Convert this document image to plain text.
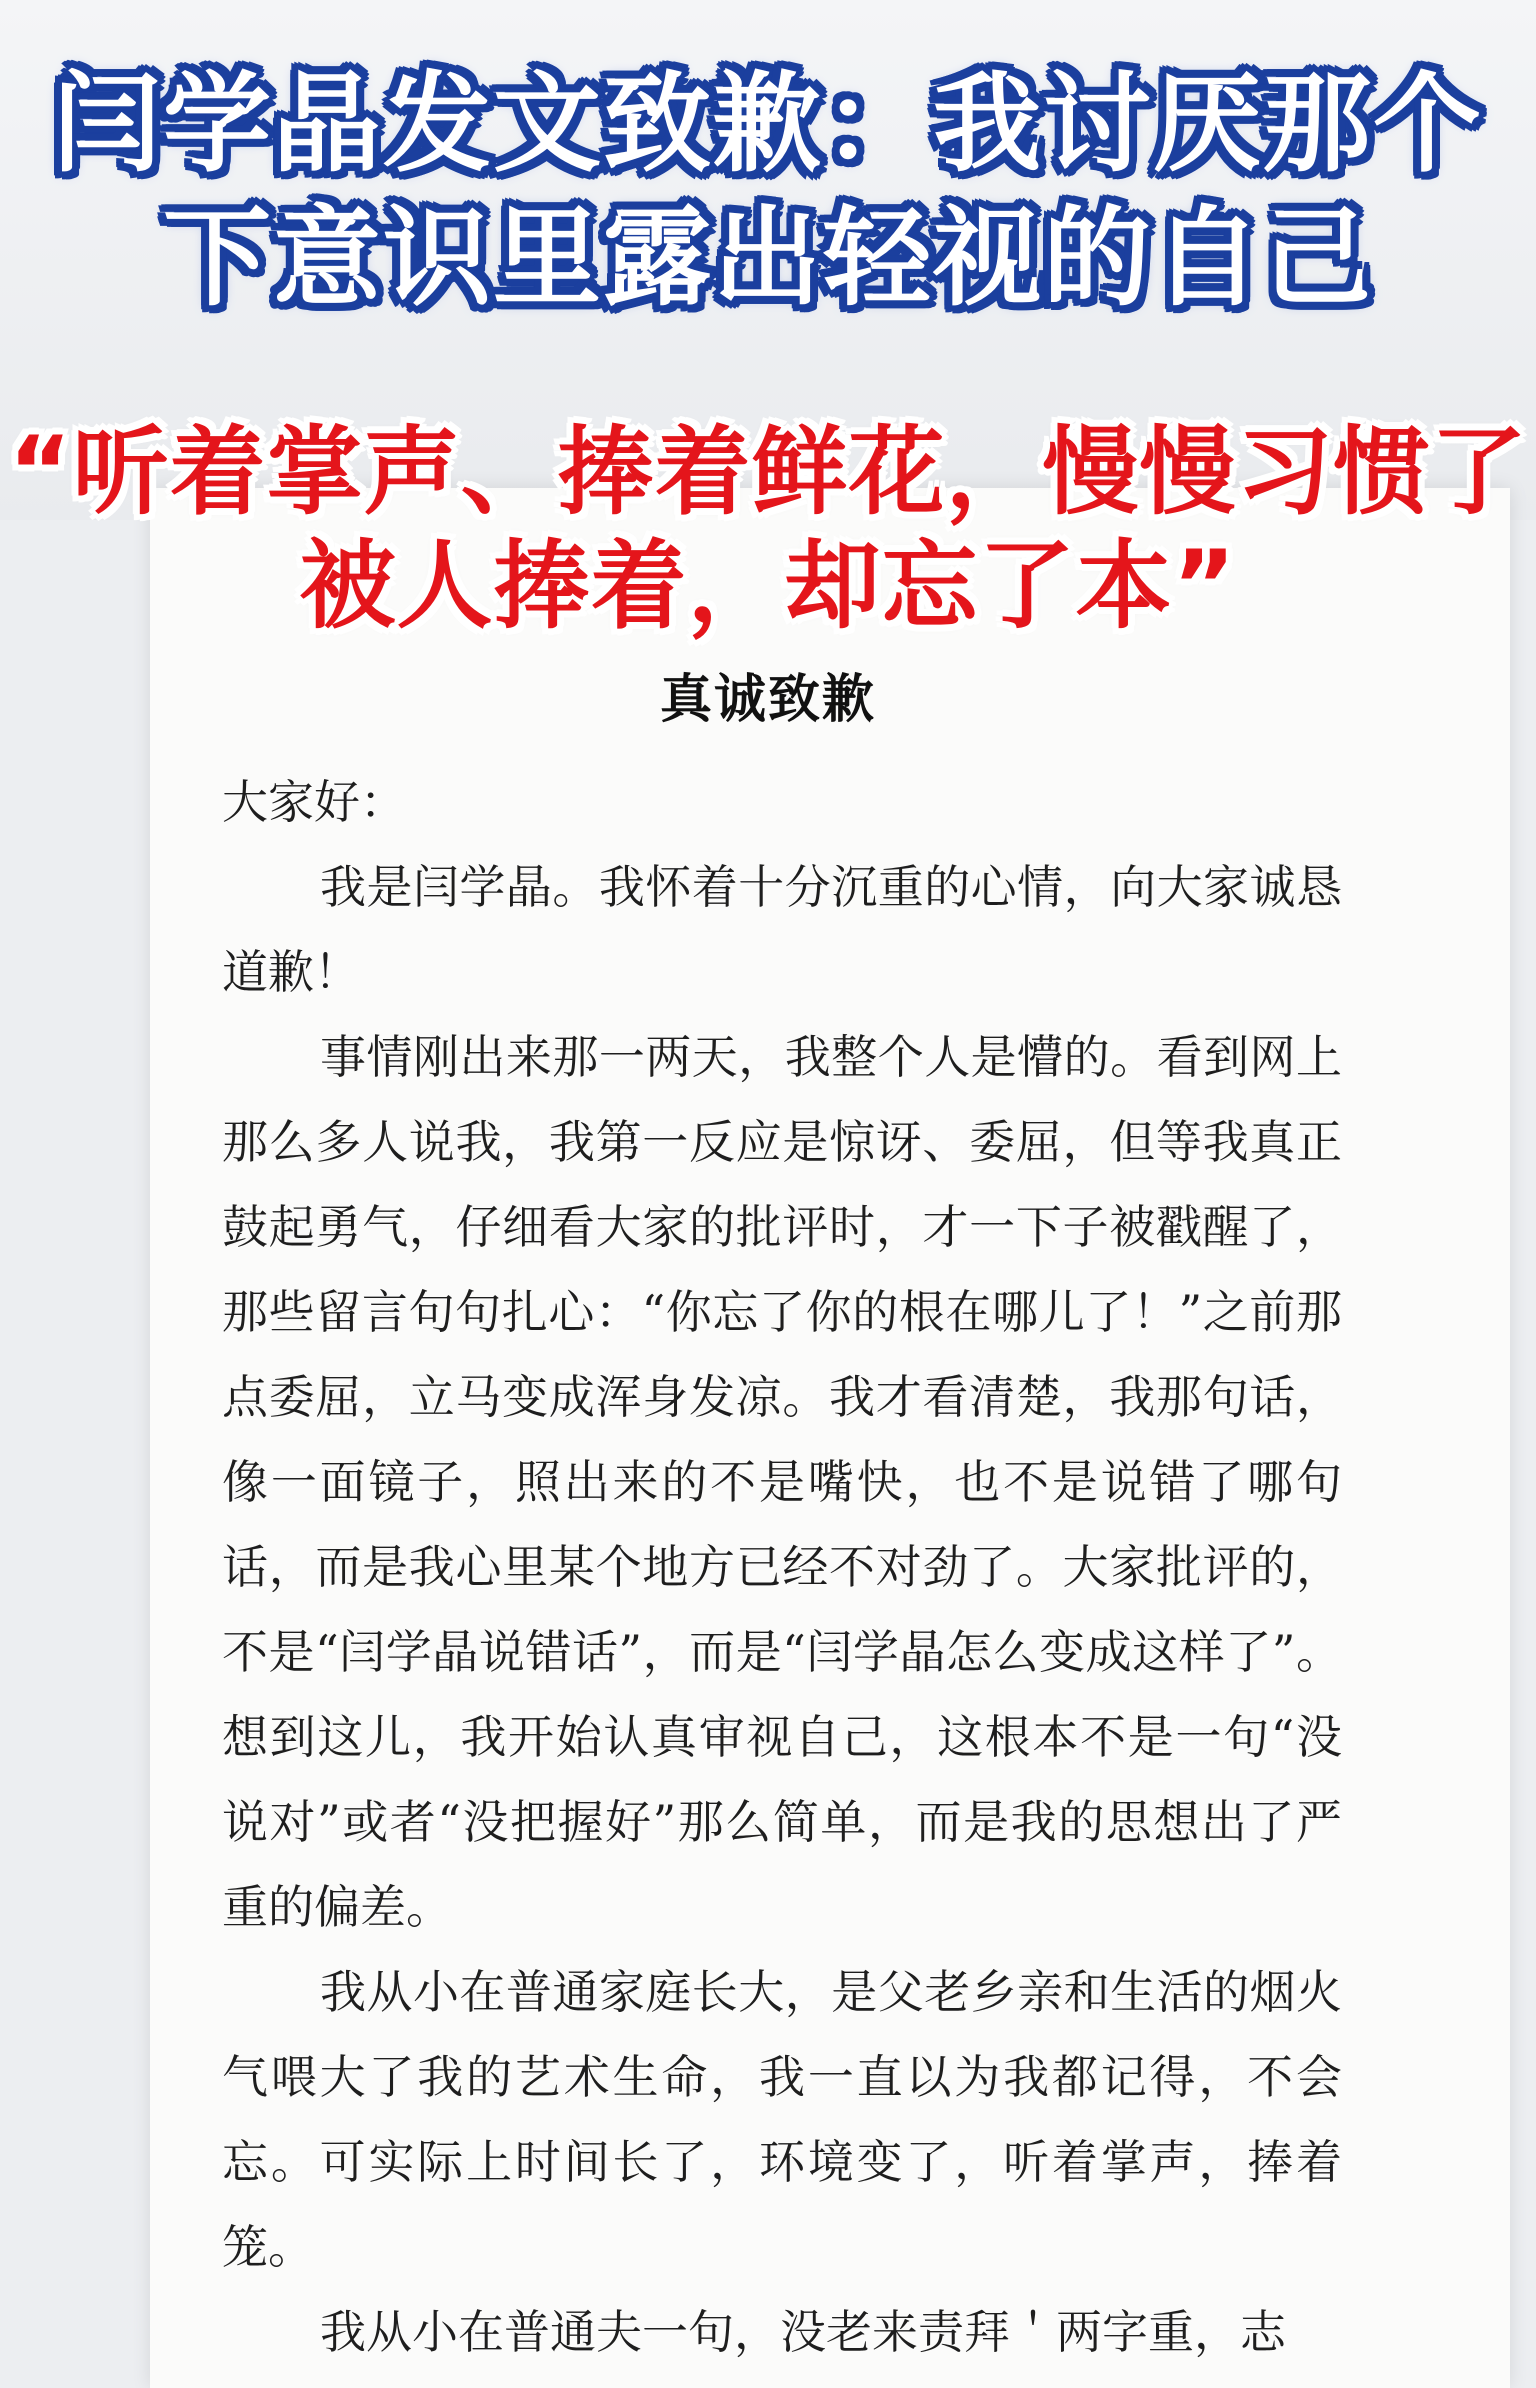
闫学晶发文致歉：我讨厌那个
下意识里露出轻视的自己
“听着掌声、捧着鲜花，慢慢习惯了
被人捧着，却忘了本”
真诚致歉
大家好：

我是闫学晶。我怀着十分沉重的心情，向大家诚恳道歉！

事情刚出来那一两天，我整个人是懵的。看到网上那么多人说我，我第一反应是惊讶、委屈，但等我真正鼓起勇气，仔细看大家的批评时，才一下子被戳醒了，那些留言句句扎心：“你忘了你的根在哪儿了！”之前那点委屈，立马变成浑身发凉。我才看清楚，我那句话，像一面镜子，照出来的不是嘴快，也不是说错了哪句话，而是我心里某个地方已经不对劲了。大家批评的，不是“闫学晶说错话”，而是“闫学晶怎么变成这样了”。想到这儿，我开始认真审视自己，这根本不是一句“没说对”或者“没把握好”那么简单，而是我的思想出了严重的偏差。

我从小在普通家庭长大，是父老乡亲和生活的烟火气喂大了我的艺术生命，我一直以为我都记得，不会忘。可实际上时间长了，环境变了，听着掌声，捧着笼。

我从小在普通夫一句，没老来责拜＇两字重，志
